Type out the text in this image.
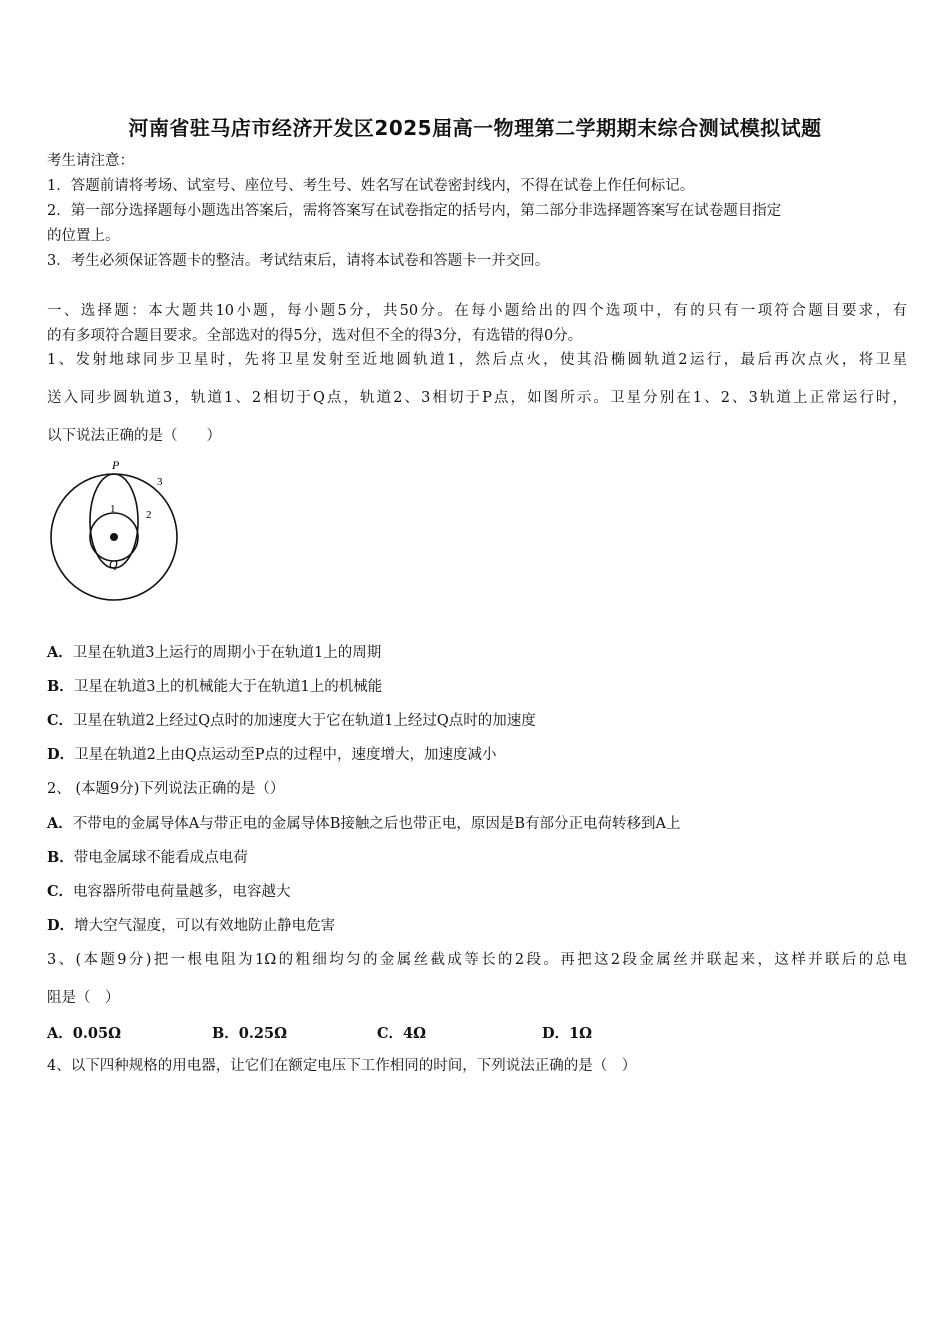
河南省驻马店市经济开发区2025届高一物理第二学期期末综合测试模拟试题
考生请注意：
1．答题前请将考场、试室号、座位号、考生号、姓名写在试卷密封线内，不得在试卷上作任何标记。
2．第一部分选择题每小题选出答案后，需将答案写在试卷指定的括号内，第二部分非选择题答案写在试卷题目指定
的位置上。
3．考生必须保证答题卡的整洁。考试结束后，请将本试卷和答题卡一并交回。
一、选择题：本大题共10小题，每小题5分，共50分。在每小题给出的四个选项中，有的只有一项符合题目要求，有
的有多项符合题目要求。全部选对的得5分，选对但不全的得3分，有选错的得0分。
1、发射地球同步卫星时，先将卫星发射至近地圆轨道1，然后点火，使其沿椭圆轨道2运行，最后再次点火，将卫星
送入同步圆轨道3，轨道1、2相切于Q点，轨道2、3相切于P点，如图所示。卫星分别在1、2、3轨道上正常运行时，
以下说法正确的是（　　）
P
Q
1	2
3
A．卫星在轨道3上运行的周期小于在轨道1上的周期
B．卫星在轨道3上的机械能大于在轨道1上的机械能
C．卫星在轨道2上经过Q点时的加速度大于它在轨道1上经过Q点时的加速度
D．卫星在轨道2上由Q点运动至P点的过程中，速度增大，加速度减小
2、 (本题9分)下列说法正确的是（）
A．不带电的金属导体A与带正电的金属导体B接触之后也带正电，原因是B有部分正电荷转移到A上
B．带电金属球不能看成点电荷
C．电容器所带电荷量越多，电容越大
D．增大空气湿度，可以有效地防止静电危害
3、(本题9分)把一根电阻为1Ω的粗细均匀的金属丝截成等长的2段。再把这2段金属丝并联起来，这样并联后的总电
阻是（　）
A．0.05Ω	B．0.25Ω	C．4Ω	D．1Ω
4、以下四种规格的用电器，让它们在额定电压下工作相同的时间，下列说法正确的是（　）
